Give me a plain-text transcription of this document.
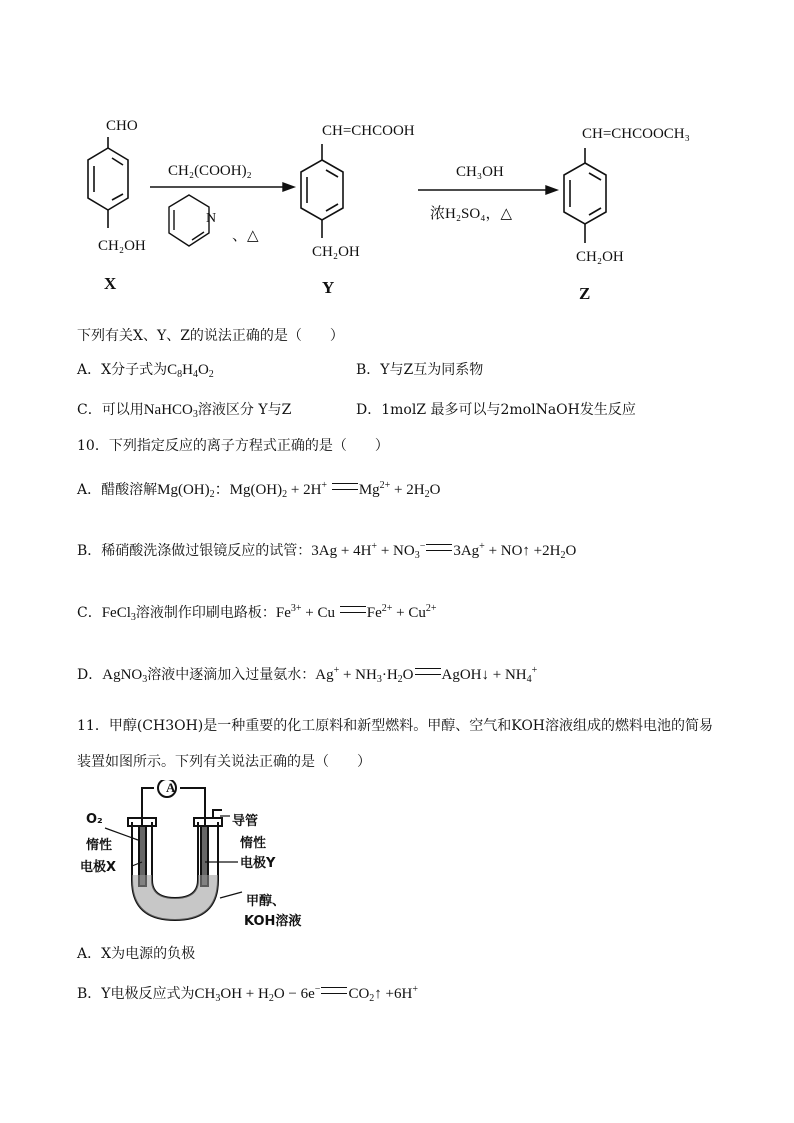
CHO
CH₂OH
X
CH₂(COOH)₂
N
、△
CH=CHCOOH
CH₂OH
Y
CH₃OH
浓H₂SO₄，△
CH=CHCOOCH₃
CH₂OH
Z
下列有关X、Y、Z的说法正确的是（　　）
A．X分子式为$C_8H_4O_2$	B．Y与Z互为同系物
C．可以用NaHCO$_3$溶液区分 Y与Z	D．1molZ 最多可以与2molNaOH发生反应
10．下列指定反应的离子方程式正确的是（　　）
A．醋酸溶解$Mg(OH)_2$：$Mg(OH)_2 + 2H^+$ $Mg^{2+} + 2H_2O$
B．稀硝酸洗涤做过银镜反应的试管：$3Ag + 4H^+ + NO_3^-$ 3Ag+ + NO↑ $+2H_2O$
C．FeCl$_3$溶液制作印刷电路板：$Fe^{3+} + Cu$ $Fe^{2+} + Cu^{2+}$
D．AgNO$_3$溶液中逐滴加入过量氨水：$Ag^+ + NH_3\cdot H_2O$ AgOH↓ + $NH_4^+$
11．甲醇(CH3OH)是一种重要的化工原料和新型燃料。甲醇、空气和KOH溶液组成的燃料电池的简易
装置如图所示。下列有关说法正确的是（　　）
A
O₂
惰性
电极X
导管
惰性
电极Y
甲醇、
KOH溶液
A．X为电源的负极
B．Y电极反应式为$CH_3OH + H_2O - 6e^-$ $CO_2↑ +6H^+$
